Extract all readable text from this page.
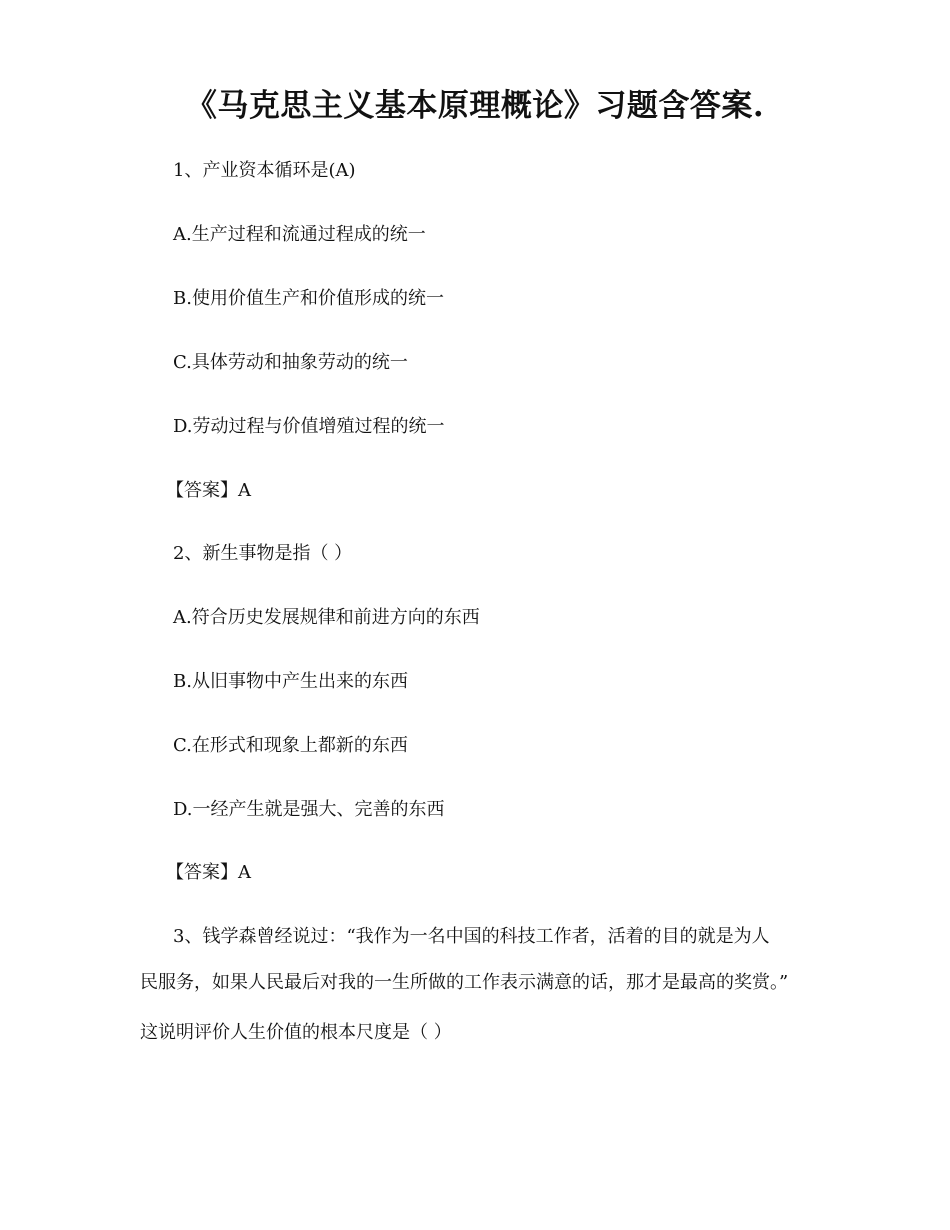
《马克思主义基本原理概论》习题含答案.
1、产业资本循环是(A)
A.生产过程和流通过程成的统一
B.使用价值生产和价值形成的统一
C.具体劳动和抽象劳动的统一
D.劳动过程与价值增殖过程的统一
【答案】A
2、新生事物是指（ ）
A.符合历史发展规律和前进方向的东西
B.从旧事物中产生出来的东西
C.在形式和现象上都新的东西
D.一经产生就是强大、完善的东西
【答案】A
3、钱学森曾经说过：“我作为一名中国的科技工作者，活着的目的就是为人
民服务，如果人民最后对我的一生所做的工作表示满意的话，那才是最高的奖赏。”
这说明评价人生价值的根本尺度是（ ）
